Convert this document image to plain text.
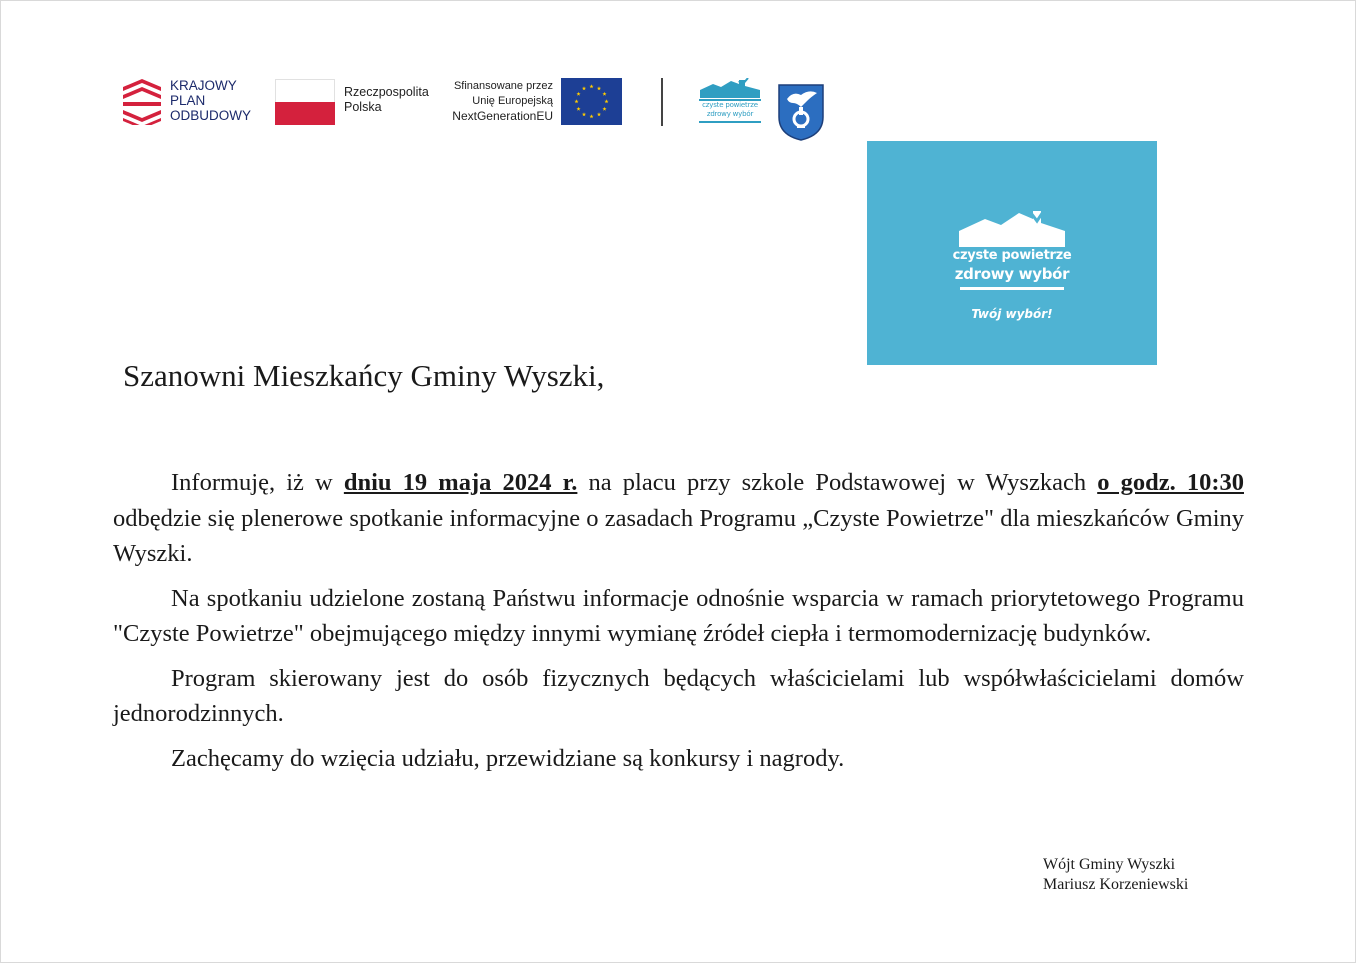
KRAJOWY
PLAN
ODBUDOWY
Rzeczpospolita
Polska
Sfinansowane przez
Unię Europejską
NextGenerationEU
czyste powietrze
zdrowy wybór
czyste powietrze
zdrowy wybór
Twój wybór!
Szanowni Mieszkańcy Gminy Wyszki,

Informuję, iż w dniu 19 maja 2024 r. na placu przy szkole Podstawowej w Wyszkach o godz. 10:30 odbędzie się plenerowe spotkanie informacyjne o zasadach Programu „Czyste Powietrze" dla mieszkańców Gminy Wyszki.

Na spotkaniu udzielone zostaną Państwu informacje odnośnie wsparcia w ramach priorytetowego Programu "Czyste Powietrze" obejmującego między innymi wymianę źródeł ciepła i termomodernizację budynków.

Program skierowany jest do osób fizycznych będących właścicielami lub współwłaścicielami domów jednorodzinnych.

Zachęcamy do wzięcia udziału, przewidziane są konkursy i nagrody.

Wójt Gminy Wyszki
Mariusz Korzeniewski
